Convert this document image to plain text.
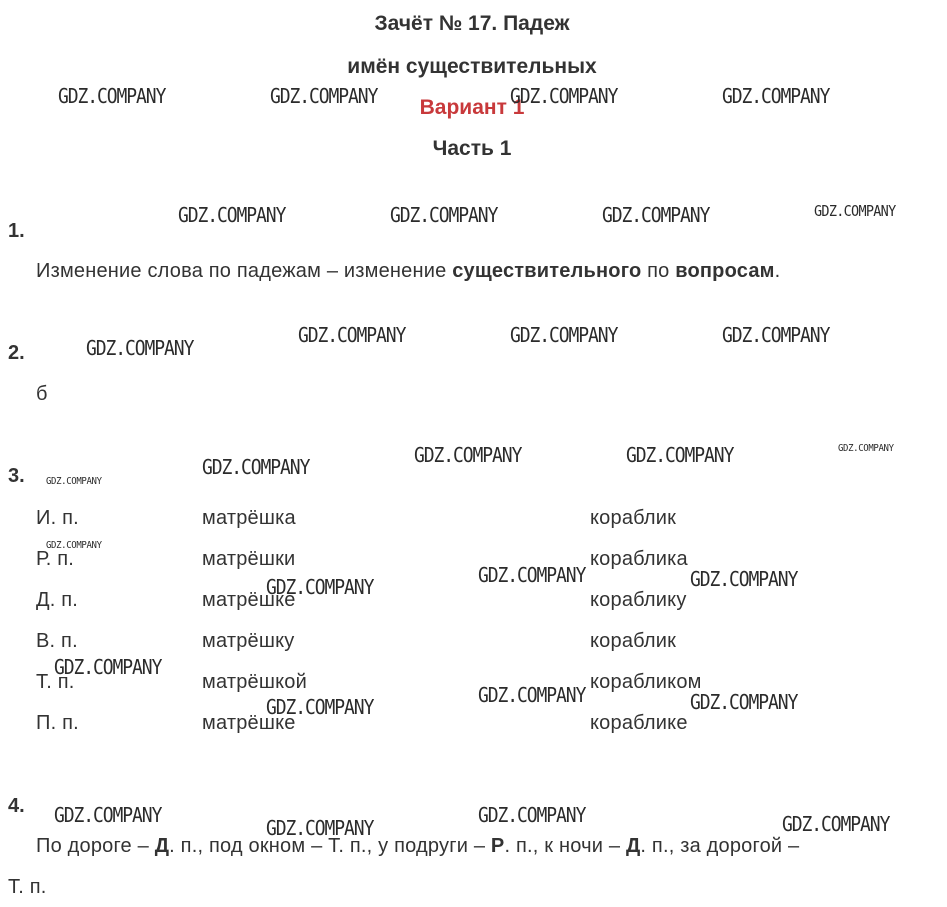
Зачёт № 17. Падеж
имён существительных
Вариант 1
Часть 1
1.
Изменение слова по падежам – изменение существительного по вопросам.
2.
б
3.
И. п.	матрёшка	кораблик
Р. п.	матрёшки	кораблика
Д. п.	матрёшке	кораблику
В. п.	матрёшку	кораблик
Т. п.	матрёшкой	корабликом
П. п.	матрёшке	кораблике
4.
По дороге – Д. п., под окном – Т. п., у подруги – Р. п., к ночи – Д. п., за дорогой –
Т. п.
GDZ.COMPANY	GDZ.COMPANY	GDZ.COMPANY	GDZ.COMPANY
GDZ.COMPANY	GDZ.COMPANY	GDZ.COMPANY	GDZ.COMPANY
GDZ.COMPANY
GDZ.COMPANY	GDZ.COMPANY	GDZ.COMPANY
GDZ.COMPANY	GDZ.COMPANY	GDZ.COMPANY	GDZ.COMPANY
GDZ.COMPANY
GDZ.COMPANY
GDZ.COMPANY	GDZ.COMPANY	GDZ.COMPANY
GDZ.COMPANY
GDZ.COMPANY	GDZ.COMPANY	GDZ.COMPANY
GDZ.COMPANY
GDZ.COMPANY
GDZ.COMPANY	GDZ.COMPANY
